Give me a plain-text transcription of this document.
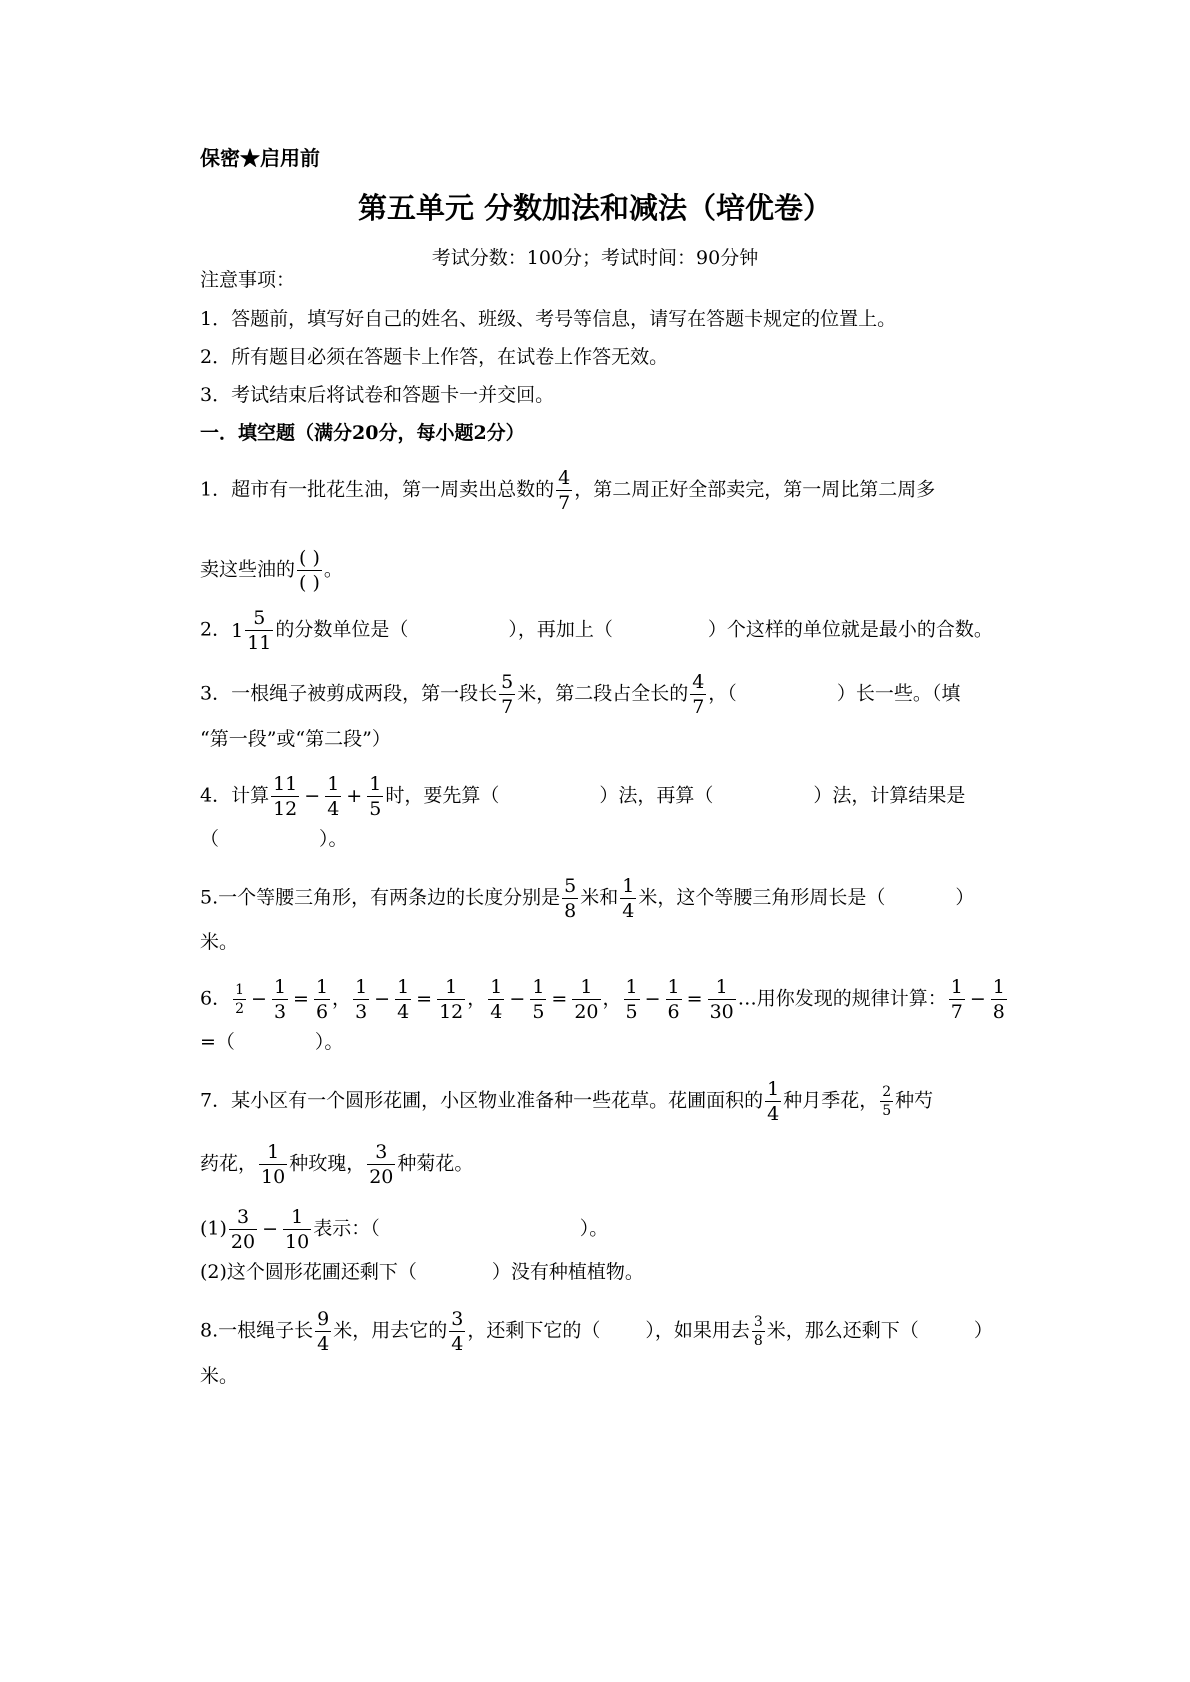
保密★启用前
第五单元 分数加法和减法（培优卷）
考试分数：100分；考试时间：90分钟
注意事项：
1．答题前，填写好自己的姓名、班级、考号等信息，请写在答题卡规定的位置上。
2．所有题目必须在答题卡上作答，在试卷上作答无效。
3．考试结束后将试卷和答题卡一并交回。
一．填空题（满分20分，每小题2分）
1．超市有一批花生油，第一周卖出总数的 $\frac{4}{7}$ ，第二周正好全部卖完，第一周比第二周多
卖这些油的 $\frac{( )}{( )}$ 。
2．$1 \frac{5}{11}$ 的分数单位是（	），再加上（	）个这样的单位就是最小的合数。
3．一根绳子被剪成两段，第一段长 $\frac{5}{7}$ 米，第二段占全长的 $\frac{4}{7}$ ，（	）长一些。（填
“第一段”或“第二段”）
4．计算 $\frac{11}{12} - \frac{1}{4} + \frac{1}{5}$ 时，要先算（	）法，再算（	）法，计算结果是
（	）。
5.一个等腰三角形，有两条边的长度分别是 $\frac{5}{8}$ 米和 $\frac{1}{4}$ 米，这个等腰三角形周长是（	）
米。
6． $\frac{1}{2} - \frac{1}{3} = \frac{1}{6}$ ， $\frac{1}{3} - \frac{1}{4} = \frac{1}{12}$ ， $\frac{1}{4} - \frac{1}{5} = \frac{1}{20}$ ， $\frac{1}{5} - \frac{1}{6} = \frac{1}{30}$ …用你发现的规律计算： $\frac{1}{7} - \frac{1}{8}$
=（	）。
7．某小区有一个圆形花圃，小区物业准备种一些花草。花圃面积的 $\frac{1}{4}$ 种月季花， $\frac{2}{5}$ 种芍
药花， $\frac{1}{10}$ 种玫瑰， $\frac{3}{20}$ 种菊花。
$(1) \frac{3}{20} - \frac{1}{10}$ 表示：（	）。
(2)这个圆形花圃还剩下（	）没有种植植物。
8.一根绳子长 $\frac{9}{4}$ 米，用去它的 $\frac{3}{4}$ ，还剩下它的（ ），如果用去 $\frac{3}{8}$ 米，那么还剩下（	）
米。
